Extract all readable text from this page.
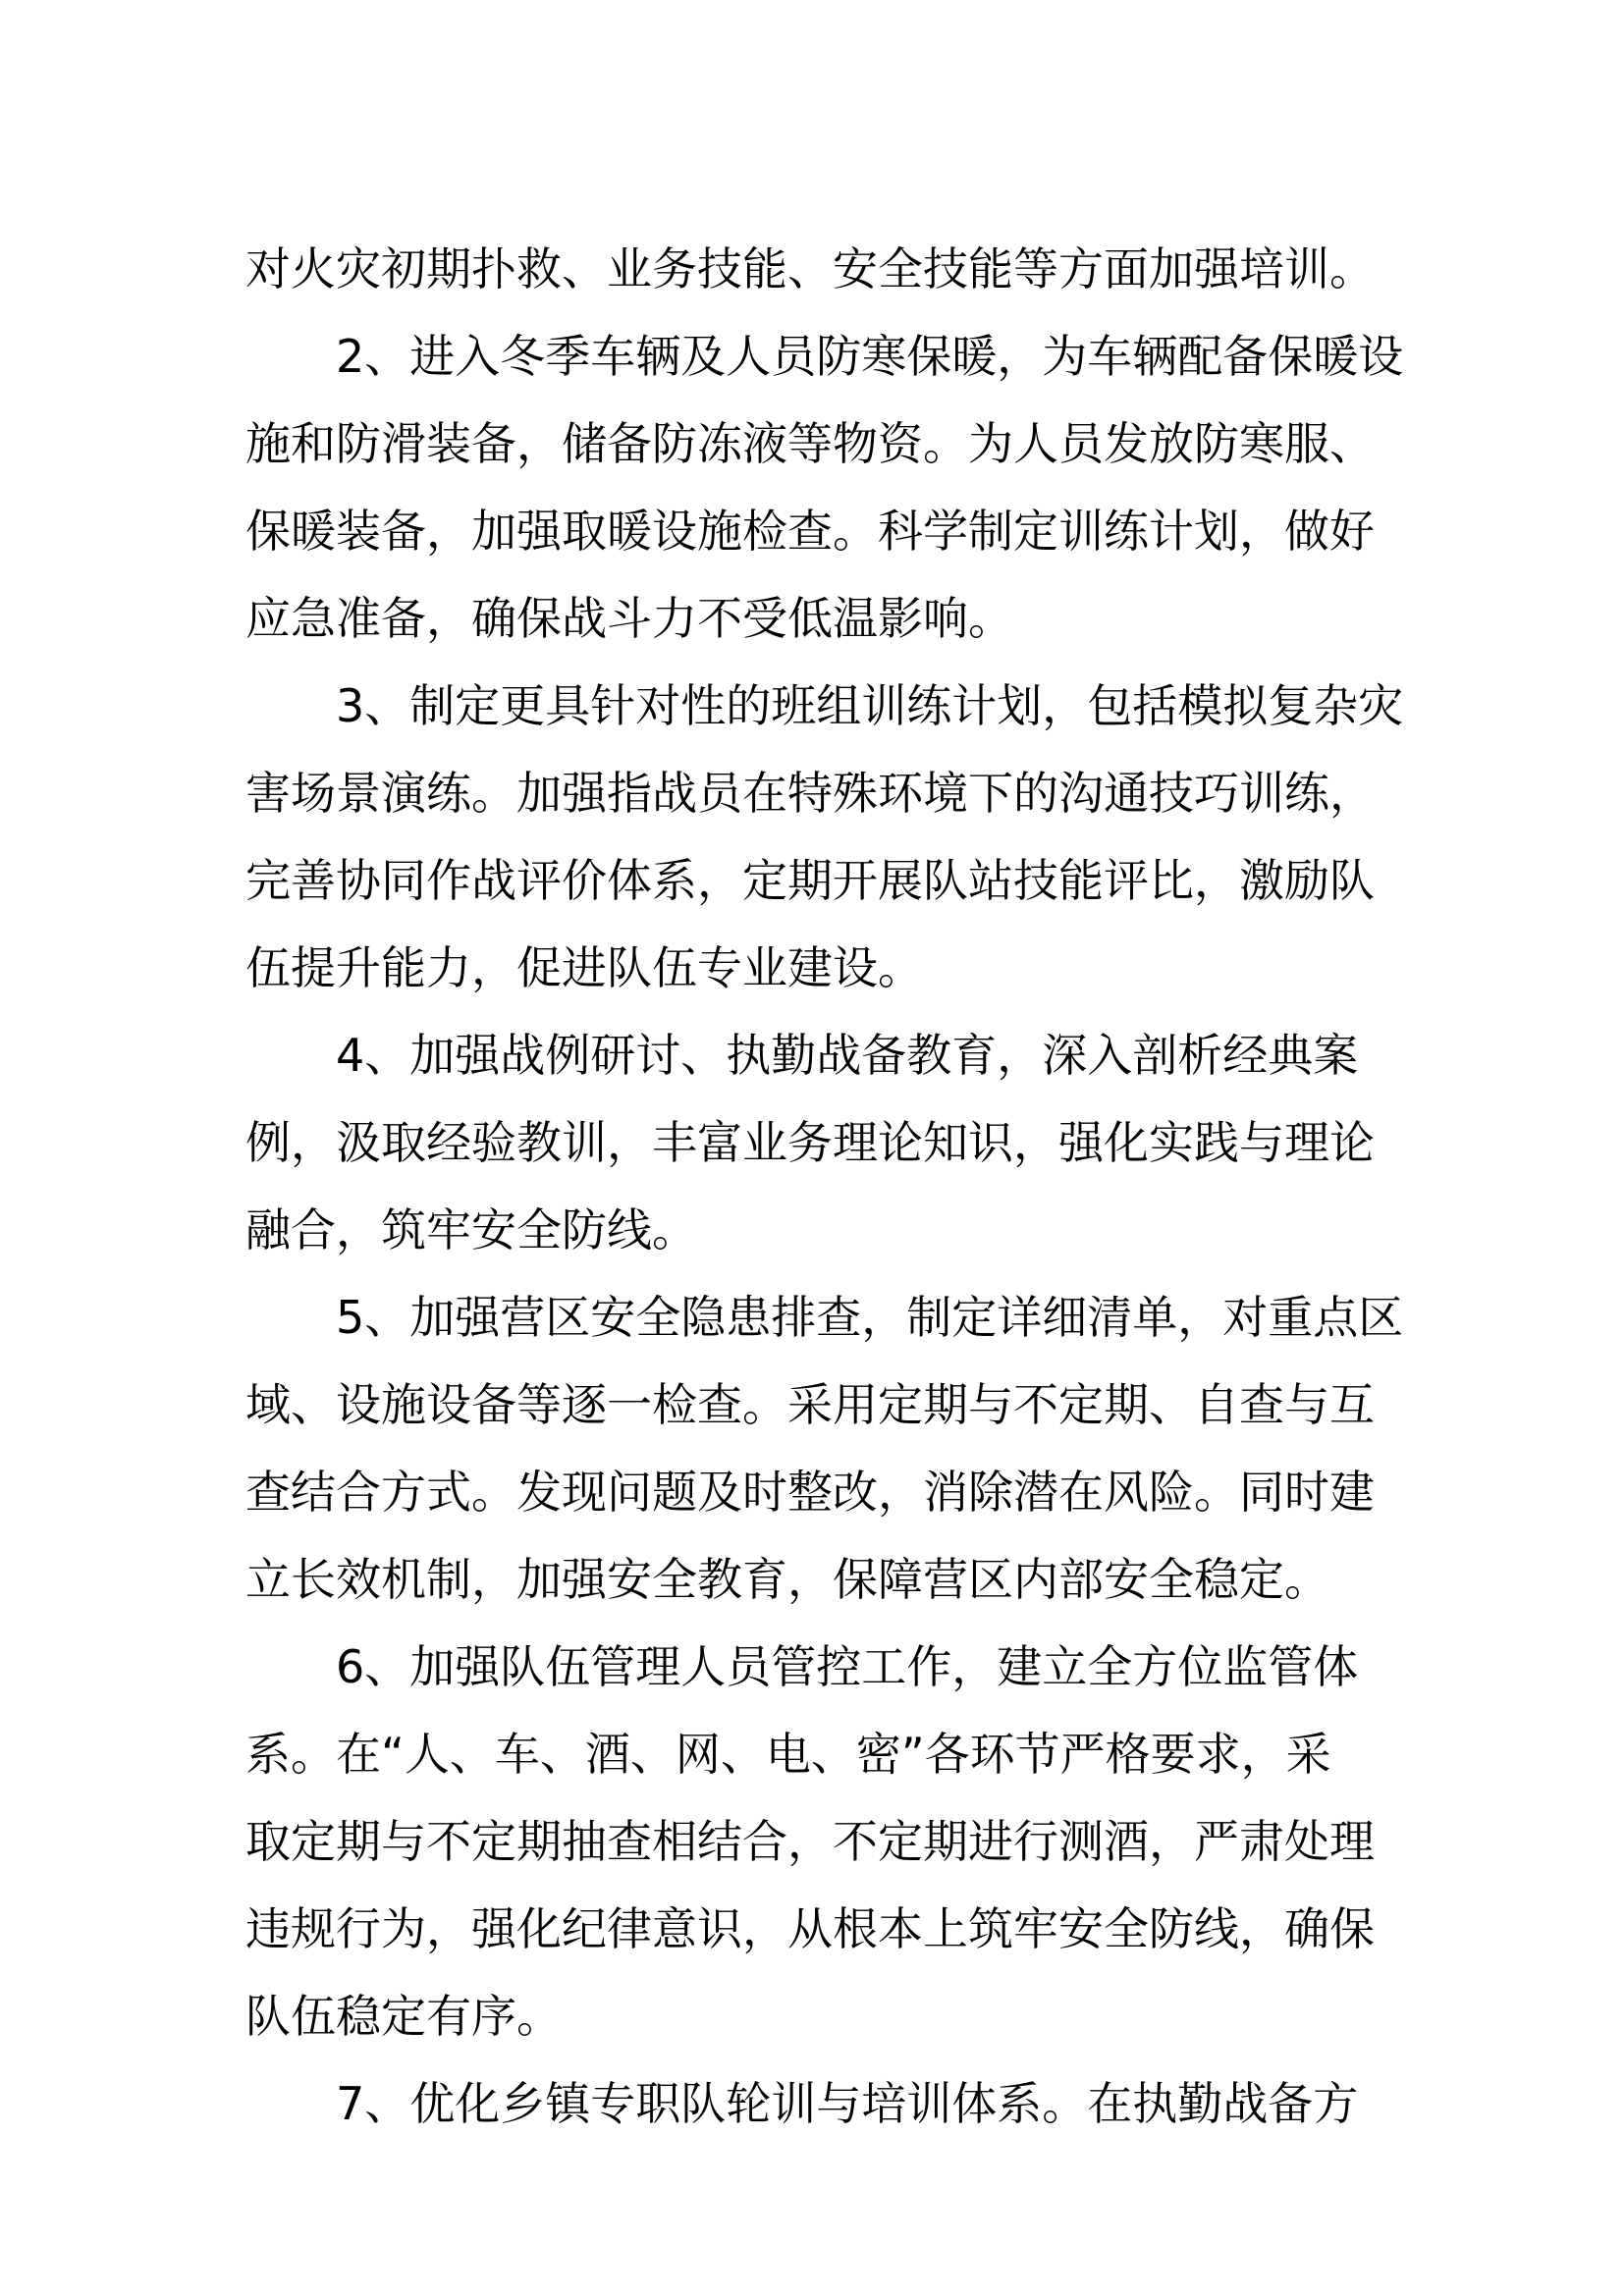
对火灾初期扑救、业务技能、安全技能等方面加强培训。
2、进入冬季车辆及人员防寒保暖，为车辆配备保暖设
施和防滑装备，储备防冻液等物资。为人员发放防寒服、
保暖装备，加强取暖设施检查。科学制定训练计划，做好
应急准备，确保战斗力不受低温影响。
3、制定更具针对性的班组训练计划，包括模拟复杂灾
害场景演练。加强指战员在特殊环境下的沟通技巧训练，
完善协同作战评价体系，定期开展队站技能评比，激励队
伍提升能力，促进队伍专业建设。
4、加强战例研讨、执勤战备教育，深入剖析经典案
例，汲取经验教训，丰富业务理论知识，强化实践与理论
融合，筑牢安全防线。
5、加强营区安全隐患排查，制定详细清单，对重点区
域、设施设备等逐一检查。采用定期与不定期、自查与互
查结合方式。发现问题及时整改，消除潜在风险。同时建
立长效机制，加强安全教育，保障营区内部安全稳定。
6、加强队伍管理人员管控工作，建立全方位监管体
系。在“人、车、酒、网、电、密”各环节严格要求，采
取定期与不定期抽查相结合，不定期进行测酒，严肃处理
违规行为，强化纪律意识，从根本上筑牢安全防线，确保
队伍稳定有序。
7、优化乡镇专职队轮训与培训体系。在执勤战备方
